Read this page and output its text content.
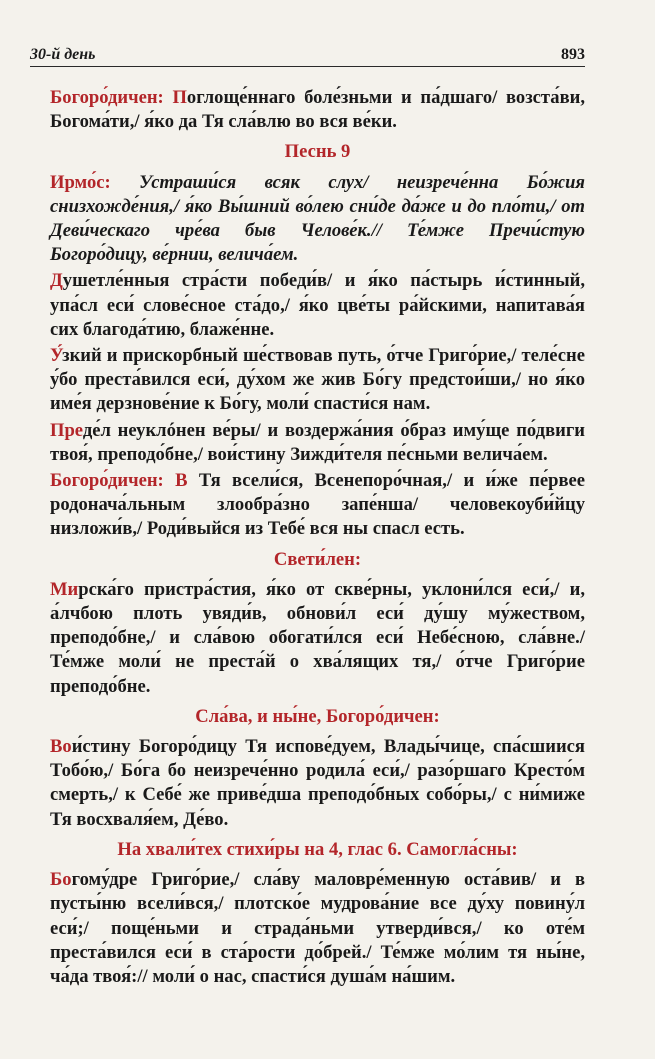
30-й день	893

Богоро́дичен: Поглоще́ннаго боле́зньми и па́дшаго/ возста́ви, Богома́ти,/ я́ко да Тя сла́влю во вся ве́ки.

Песнь 9

Ирмо́с: Устраши́ся всяк слух/ неизрече́нна Бо́жия снизхожде́ния,/ я́ко Вы́шний во́лею сни́де да́же и до пло́ти,/ от Деви́ческаго чре́ва быв Челове́к.// Те́мже Пречи́стую Богоро́дицу, ве́рнии, велича́ем.

Душетле́нныя стра́сти победи́в/ и я́ко па́стырь и́стинный, упа́сл еси́ слове́сное ста́до,/ я́ко цве́ты ра́йскими, напитава́я сих благода́тию, блаже́нне.

У́зкий и прискорбный ше́ствовав путь, о́тче Григо́рие,/ теле́сне у́бо преста́вился еси́, ду́хом же жив Бо́гу предстои́ши,/ но я́ко име́я дерзнове́ние к Бо́гу, моли́ спасти́ся нам.

Преде́л неуклóнен ве́ры/ и воздержа́ния о́браз иму́ще по́двиги твоя́, преподо́бне,/ вои́стину Зижди́теля пе́сньми велича́ем.

Богоро́дичен: В Тя всели́ся, Всенепоро́чная,/ и и́же пе́рвее родонача́льным злообра́зно запе́нша/ человекоуби́йцу низложи́в,/ Роди́выйся из Тебе́ вся ны спасл есть.

Свети́лен:

Мирска́го пристра́стия, я́ко от скве́рны, уклони́лся еси́,/ и, а́лчбою плоть увяди́в, обнови́л еси́ ду́шу му́жеством, преподо́бне,/ и сла́вою обогати́лся еси́ Небе́сною, сла́вне./ Те́мже моли́ не преста́й о хва́лящих тя,/ о́тче Григо́рие преподо́бне.

Сла́ва, и ны́не, Богоро́дичен:

Вои́стину Богоро́дицу Тя испове́дуем, Влады́чице, спа́сшиися Тобо́ю,/ Бо́га бо неизрече́нно родила́ еси́,/ разо́ршаго Кресто́м смерть,/ к Себе́ же приве́дша преподо́бных собо́ры,/ с ни́миже Тя восхваля́ем, Де́во.

На хвали́тех стихи́ры на 4, глас 6. Самогла́сны:

Богому́дре Григо́рие,/ сла́ву маловре́менную оста́вив/ и в пусты́ню всели́вся,/ плотско́е мудрова́ние все ду́ху повину́л еси́;/ поще́ньми и страда́ньми утверди́вся,/ ко оте́м преста́вился еси́ в ста́рости до́брей./ Те́мже мо́лим тя ны́не, ча́да твоя́:// моли́ о нас, спасти́ся душа́м на́шим.
